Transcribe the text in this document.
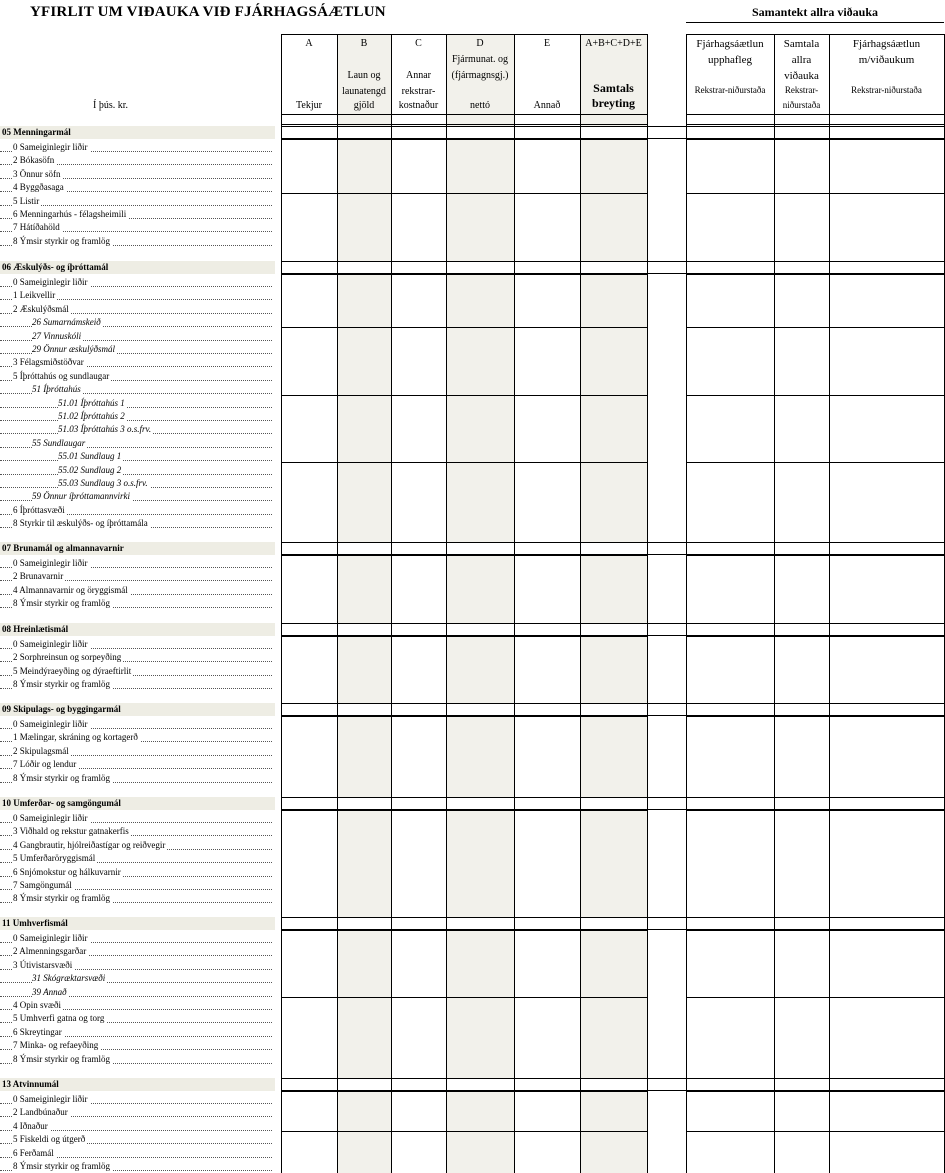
YFIRLIT UM VIÐAUKA VIÐ FJÁRHAGSÁÆTLUN	Samantekt allra viðauka
A
Tekjur
B
Laun og launatengd
gjöld
C
Annar rekstrar-
kostnaður
D
Fjármunat. og (fjármagnsgj.)
nettó
E
Annað
A+B+C+D+E
Samtals
breyting
Fjárhagsáætlun upphafleg
Rekstrar-niðurstaða
Samtala allra viðauka
Rekstrar-niðurstaða
Fjárhagsáætlun m/viðaukum
Rekstrar-niðurstaða
Í þús. kr.
05 Menningarmál
0 Sameiginlegir liðir
2 Bókasöfn
3 Önnur söfn
4 Byggðasaga
5 Listir
6 Menningarhús - félagsheimili
7 Hátíðahöld
8 Ýmsir styrkir og framlög
06 Æskulýðs- og íþróttamál
0 Sameiginlegir liðir
1 Leikvellir
2 Æskulýðsmál
26 Sumarnámskeið
27 Vinnuskóli
29 Önnur æskulýðsmál
3 Félagsmiðstöðvar
5 Íþróttahús og sundlaugar
51 Íþróttahús
51.01 Íþróttahús 1
51.02 Íþróttahús 2
51.03 Íþróttahús 3 o.s.frv.
55 Sundlaugar
55.01 Sundlaug 1
55.02 Sundlaug 2
55.03 Sundlaug 3 o.s.frv.
59 Önnur íþróttamannvirki
6 Íþróttasvæði
8 Styrkir til æskulýðs- og íþróttamála
07 Brunamál og almannavarnir
0 Sameiginlegir liðir
2 Brunavarnir
4 Almannavarnir og öryggismál
8 Ýmsir styrkir og framlög
08 Hreinlætismál
0 Sameiginlegir liðir
2 Sorphreinsun og sorpeyðing
5 Meindýraeyðing og dýraeftirlit
8 Ýmsir styrkir og framlög
09 Skipulags- og byggingarmál
0 Sameiginlegir liðir
1 Mælingar, skráning og kortagerð
2 Skipulagsmál
7 Lóðir og lendur
8 Ýmsir styrkir og framlög
10 Umferðar- og samgöngumál
0 Sameiginlegir liðir
3 Viðhald og rekstur gatnakerfis
4 Gangbrautir, hjólreiðastígar og reiðvegir
5 Umferðaröryggismál
6 Snjómokstur og hálkuvarnir
7 Samgöngumál
8 Ýmsir styrkir og framlög
11 Umhverfismál
0 Sameiginlegir liðir
2 Almenningsgarðar
3 Útivistarsvæði
31 Skógræktarsvæði
39 Annað
4 Opin svæði
5 Umhverfi gatna og torg
6 Skreytingar
7 Minka- og refaeyðing
8 Ýmsir styrkir og framlög
13 Atvinnumál
0 Sameiginlegir liðir
2 Landbúnaður
4 Iðnaður
5 Fiskeldi og útgerð
6 Ferðamál
8 Ýmsir styrkir og framlög
